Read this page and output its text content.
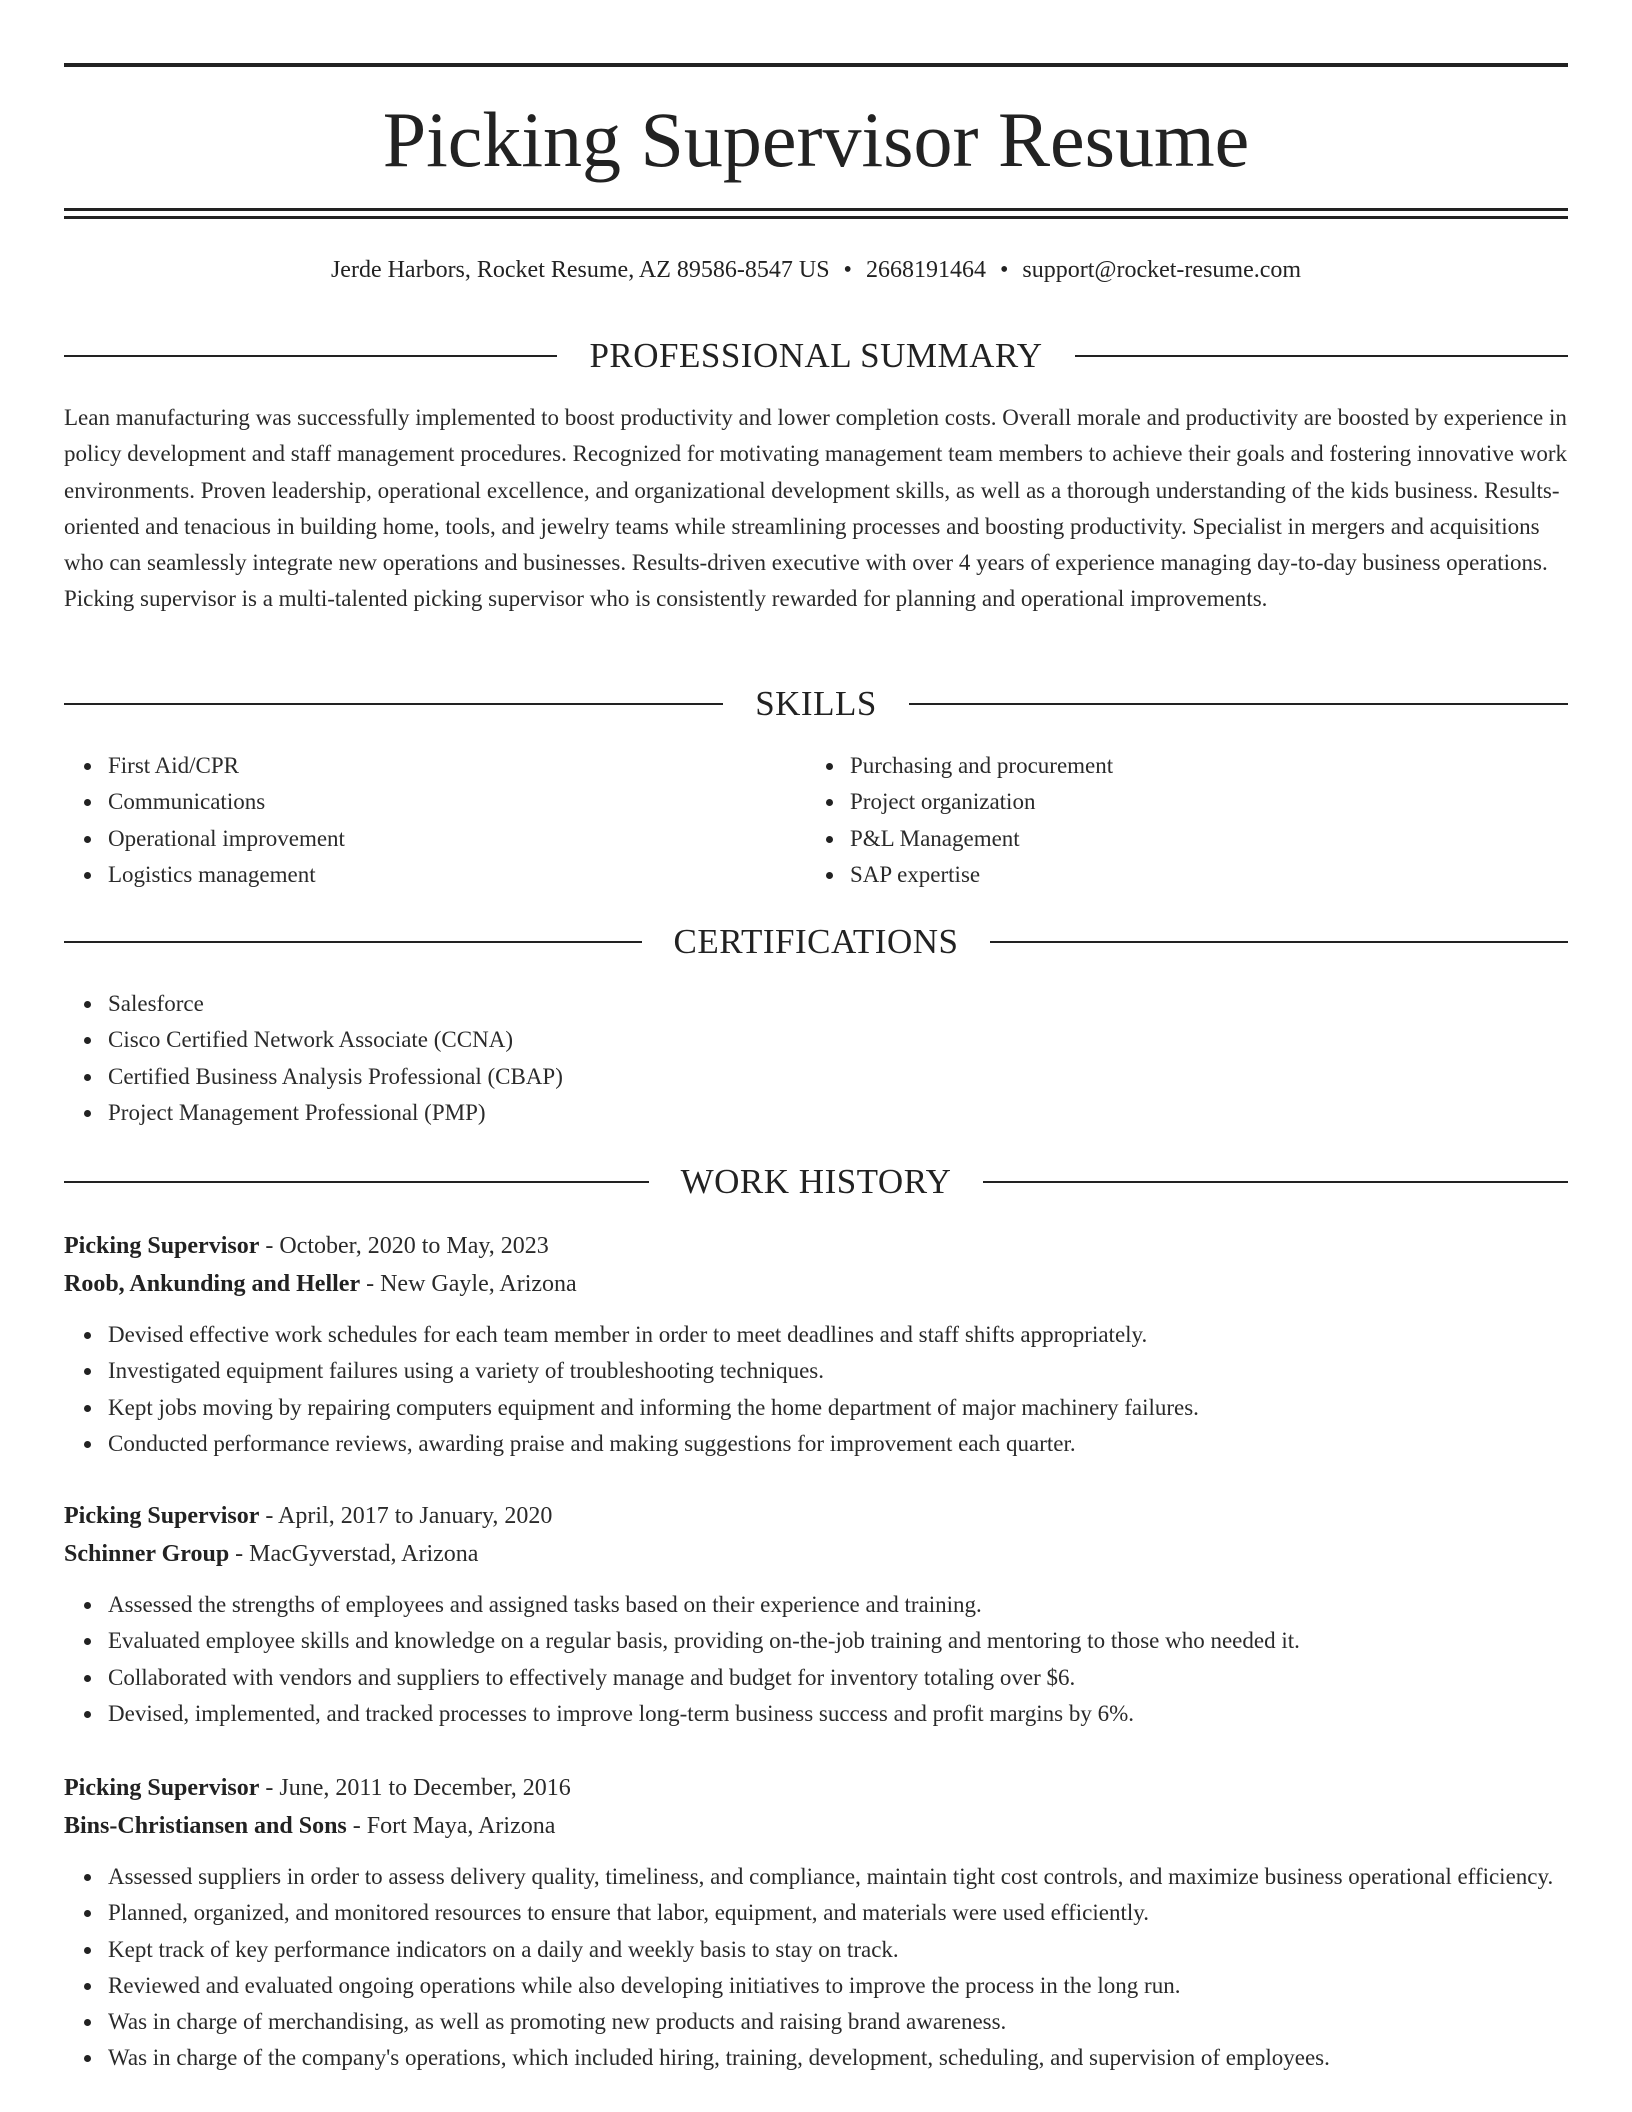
Picking Supervisor Resume
Jerde Harbors, Rocket Resume, AZ 89586-8547 US • 2668191464 • support@rocket-resume.com
PROFESSIONAL SUMMARY

Lean manufacturing was successfully implemented to boost productivity and lower completion costs. Overall morale and productivity are boosted by experience in policy development and staff management procedures. Recognized for motivating management team members to achieve their goals and fostering innovative work environments. Proven leadership, operational excellence, and organizational development skills, as well as a thorough understanding of the kids business. Results-oriented and tenacious in building home, tools, and jewelry teams while streamlining processes and boosting productivity. Specialist in mergers and acquisitions who can seamlessly integrate new operations and businesses. Results-driven executive with over 4 years of experience managing day-to-day business operations. Picking supervisor is a multi-talented picking supervisor who is consistently rewarded for planning and operational improvements.

SKILLS
First Aid/CPR
Communications
Operational improvement
Logistics management
Purchasing and procurement
Project organization
P&L Management
SAP expertise
CERTIFICATIONS
Salesforce
Cisco Certified Network Associate (CCNA)
Certified Business Analysis Professional (CBAP)
Project Management Professional (PMP)
WORK HISTORY
Picking Supervisor - October, 2020 to May, 2023
Roob, Ankunding and Heller - New Gayle, Arizona
Devised effective work schedules for each team member in order to meet deadlines and staff shifts appropriately.
Investigated equipment failures using a variety of troubleshooting techniques.
Kept jobs moving by repairing computers equipment and informing the home department of major machinery failures.
Conducted performance reviews, awarding praise and making suggestions for improvement each quarter.
Picking Supervisor - April, 2017 to January, 2020
Schinner Group - MacGyverstad, Arizona
Assessed the strengths of employees and assigned tasks based on their experience and training.
Evaluated employee skills and knowledge on a regular basis, providing on-the-job training and mentoring to those who needed it.
Collaborated with vendors and suppliers to effectively manage and budget for inventory totaling over $6.
Devised, implemented, and tracked processes to improve long-term business success and profit margins by 6%.
Picking Supervisor - June, 2011 to December, 2016
Bins-Christiansen and Sons - Fort Maya, Arizona
Assessed suppliers in order to assess delivery quality, timeliness, and compliance, maintain tight cost controls, and maximize business operational efficiency.
Planned, organized, and monitored resources to ensure that labor, equipment, and materials were used efficiently.
Kept track of key performance indicators on a daily and weekly basis to stay on track.
Reviewed and evaluated ongoing operations while also developing initiatives to improve the process in the long run.
Was in charge of merchandising, as well as promoting new products and raising brand awareness.
Was in charge of the company's operations, which included hiring, training, development, scheduling, and supervision of employees.
